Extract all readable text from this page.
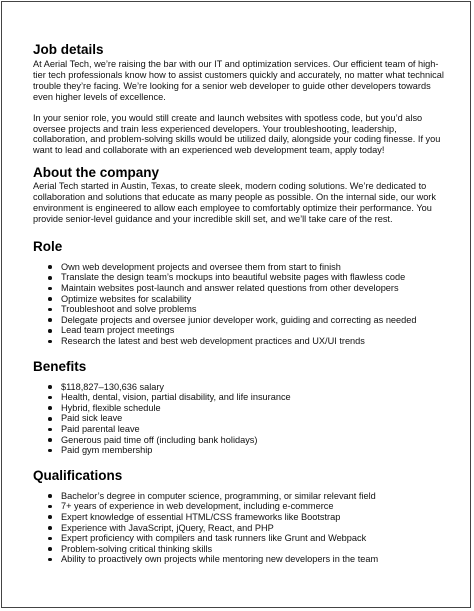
Job details

At Aerial Tech, we’re raising the bar with our IT and optimization services. Our efficient team of high-tier tech professionals know how to assist customers quickly and accurately, no matter what technical trouble they’re facing. We’re looking for a senior web developer to guide other developers towards even higher levels of excellence.

In your senior role, you would still create and launch websites with spotless code, but you’d also oversee projects and train less experienced developers. Your troubleshooting, leadership, collaboration, and problem-solving skills would be utilized daily, alongside your coding finesse. If you want to lead and collaborate with an experienced web development team, apply today!

About the company

Aerial Tech started in Austin, Texas, to create sleek, modern coding solutions. We’re dedicated to collaboration and solutions that educate as many people as possible. On the internal side, our work environment is engineered to allow each employee to comfortably optimize their performance. You provide senior-level guidance and your incredible skill set, and we’ll take care of the rest.

Role
Own web development projects and oversee them from start to finish
Translate the design team’s mockups into beautiful website pages with flawless code
Maintain websites post-launch and answer related questions from other developers
Optimize websites for scalability
Troubleshoot and solve problems
Delegate projects and oversee junior developer work, guiding and correcting as needed
Lead team project meetings
Research the latest and best web development practices and UX/UI trends
Benefits
$118,827–130,636 salary
Health, dental, vision, partial disability, and life insurance
Hybrid, flexible schedule
Paid sick leave
Paid parental leave
Generous paid time off (including bank holidays)
Paid gym membership
Qualifications
Bachelor’s degree in computer science, programming, or similar relevant field
7+ years of experience in web development, including e-commerce
Expert knowledge of essential HTML/CSS frameworks like Bootstrap
Experience with JavaScript, jQuery, React, and PHP
Expert proficiency with compilers and task runners like Grunt and Webpack
Problem-solving critical thinking skills
Ability to proactively own projects while mentoring new developers in the team
